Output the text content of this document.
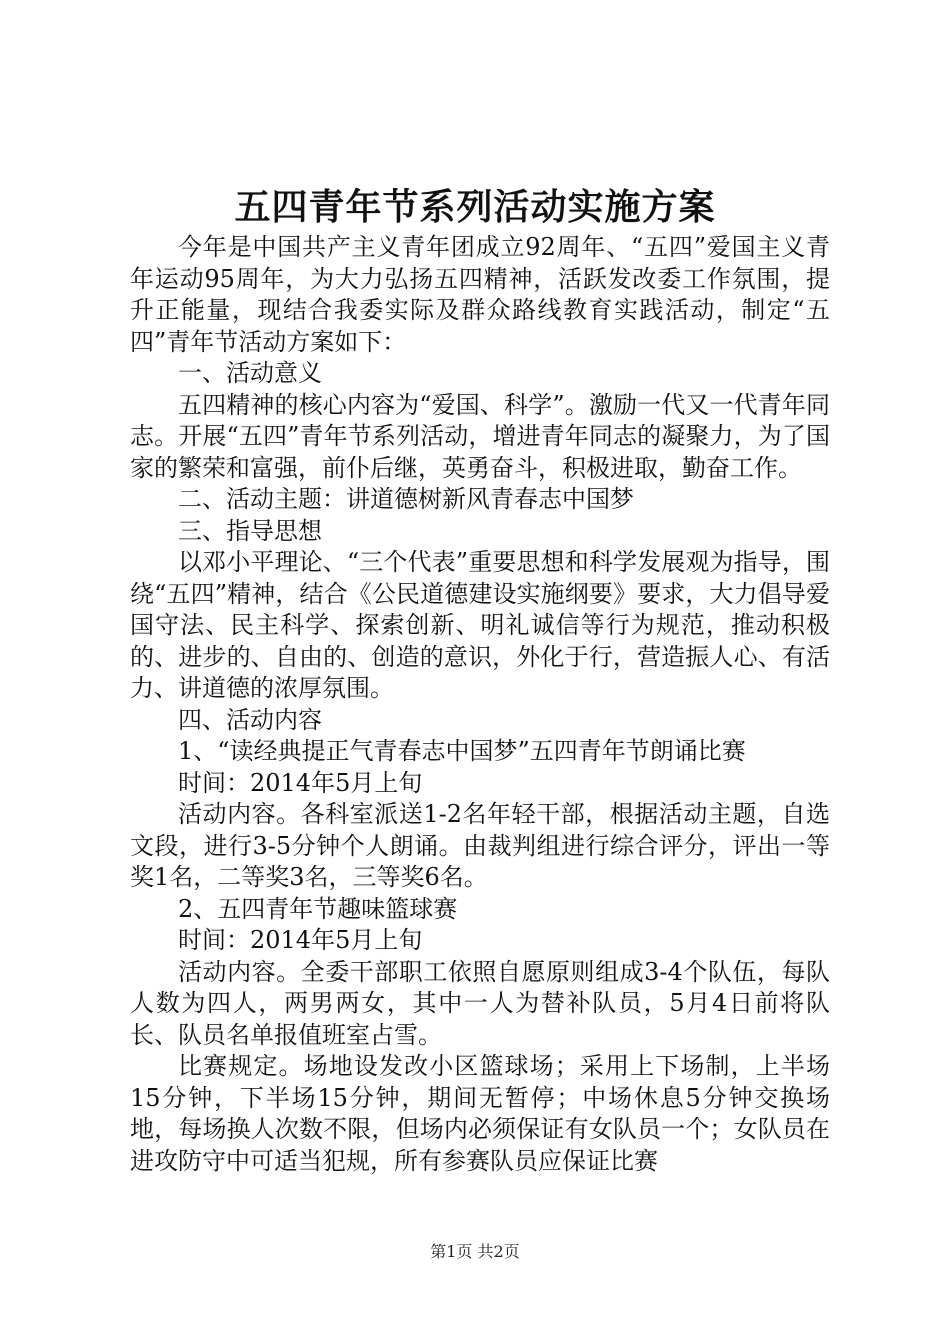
五四青年节系列活动实施方案

今年是中国共产主义青年团成立92周年、“五四”爱国主义青年运动95周年，为大力弘扬五四精神，活跃发改委工作氛围，提升正能量，现结合我委实际及群众路线教育实践活动，制定“五四”青年节活动方案如下：

一、活动意义

五四精神的核心内容为“爱国、科学”。激励一代又一代青年同志。开展“五四”青年节系列活动，增进青年同志的凝聚力，为了国家的繁荣和富强，前仆后继，英勇奋斗，积极进取，勤奋工作。

二、活动主题：讲道德树新风青春志中国梦

三、指导思想

以邓小平理论、“三个代表”重要思想和科学发展观为指导，围绕“五四”精神，结合《公民道德建设实施纲要》要求，大力倡导爱国守法、民主科学、探索创新、明礼诚信等行为规范，推动积极的、进步的、自由的、创造的意识，外化于行，营造振人心、有活力、讲道德的浓厚氛围。

四、活动内容

1、“读经典提正气青春志中国梦”五四青年节朗诵比赛

时间：2014年5月上旬

活动内容。各科室派送1-2名年轻干部，根据活动主题，自选文段，进行3-5分钟个人朗诵。由裁判组进行综合评分，评出一等奖1名，二等奖3名，三等奖6名。

2、五四青年节趣味篮球赛

时间：2014年5月上旬

活动内容。全委干部职工依照自愿原则组成3-4个队伍，每队人数为四人，两男两女，其中一人为替补队员，5月4日前将队长、队员名单报值班室占雪。

比赛规定。场地设发改小区篮球场；采用上下场制，上半场15分钟，下半场15分钟，期间无暂停；中场休息5分钟交换场地，每场换人次数不限，但场内必须保证有女队员一个；女队员在进攻防守中可适当犯规，所有参赛队员应保证比赛

第1页 共2页
